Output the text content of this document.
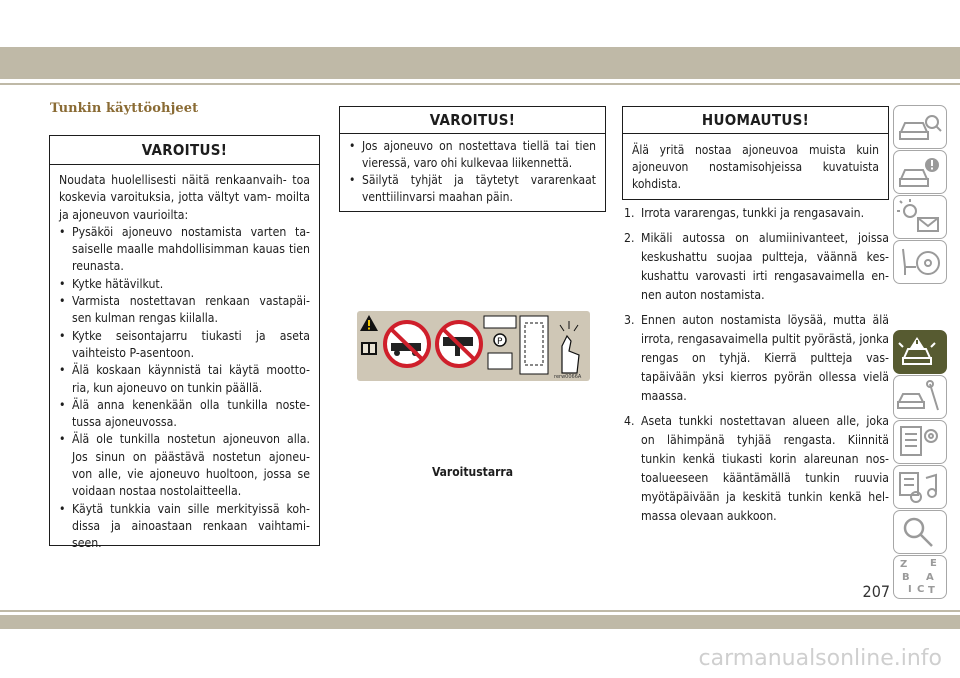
Tunkin käyttöohjeet
VAROITUS!
Noudata huolellisesti näitä renkaanvaih- toa koskevia varoituksia, jotta vältyt vam- moilta ja ajoneuvon vaurioilta:
• Pysäköi ajoneuvo nostamista varten ta- saiselle maalle mahdollisimman kauas tien reunasta.
• Kytke hätävilkut.
• Varmista nostettavan renkaan vastapäi- sen kulman rengas kiilalla.
• Kytke seisontajarru tiukasti ja aseta vaihteisto P-asentoon.
• Älä koskaan käynnistä tai käytä mootto- ria, kun ajoneuvo on tunkin päällä.
• Älä anna kenenkään olla tunkilla noste- tussa ajoneuvossa.
• Älä ole tunkilla nostetun ajoneuvon alla. Jos sinun on päästävä nostetun ajoneu- von alle, vie ajoneuvo huoltoon, jossa se voidaan nostaa nostolaitteella.
• Käytä tunkkia vain sille merkityissä koh- dissa ja ainoastaan renkaan vaihtami- seen.
VAROITUS!
• Jos ajoneuvo on nostettava tiellä tai tien vieressä, varo ohi kulkevaa liikennettä.
• Säilytä tyhjät ja täytetyt vararenkaat venttiilinvarsi maahan päin.
P
rerw0066A
Varoitustarra
HUOMAUTUS!
Älä yritä nostaa ajoneuvoa muista kuin ajoneuvon nostamisohjeissa kuvatuista kohdista.
1. Irrota vararengas, tunkki ja rengasavain.
2. Mikäli autossa on alumiinivanteet, joissa keskushattu suojaa pultteja, väännä kes- kushattu varovasti irti rengasavaimella en- nen auton nostamista.
3. Ennen auton nostamista löysää, mutta älä irrota, rengasavaimella pultit pyörästä, jonka rengas on tyhjä. Kierrä pultteja vas- tapäivään yksi kierros pyörän ollessa vielä maassa.
4. Aseta tunkki nostettavan alueen alle, joka on lähimpänä tyhjää rengasta. Kiinnitä tunkin kenkä tiukasti korin alareunan nos- toalueeseen kääntämällä tunkin ruuvia myötäpäivään ja keskitä tunkin kenkä hel- massa olevaan aukkoon.
Z E
B A
I C T
207
carmanualsonline.info
